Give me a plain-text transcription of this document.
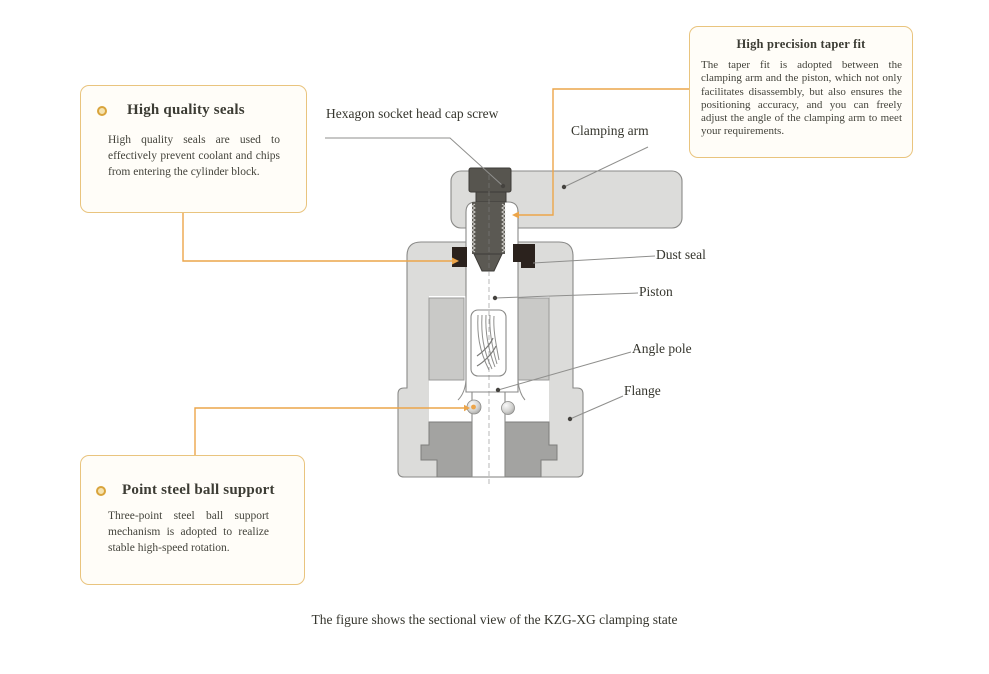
High quality seals
High quality seals are used to effectively prevent coolant and chips from entering the cylinder block.
High precision taper fit
The taper fit is adopted between the clamping arm and the piston, which not only facilitates disassembly, but also ensures the positioning accuracy, and you can freely adjust the angle of the clamping arm to meet your requirements.
Point steel ball support
Three-point steel ball support mechanism is adopted to realize stable high-speed rotation.
Hexagon socket head cap screw
Clamping arm
Dust seal
Piston
Angle pole
Flange
The figure shows the sectional view of the KZG-XG clamping state
